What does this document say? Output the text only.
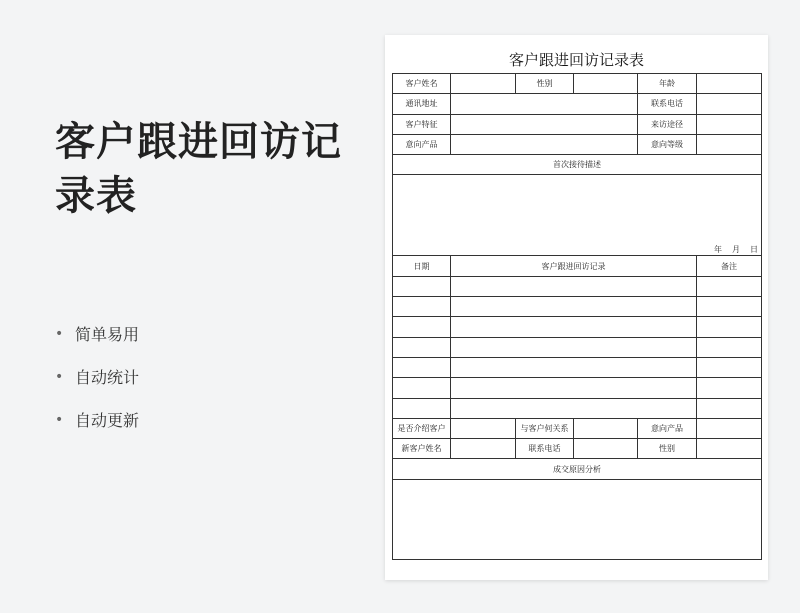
客户跟进回访记录表
• 简单易用
• 自动统计
• 自动更新
客户跟进回访记录表
客户姓名		性别		年龄	
通讯地址				联系电话	
客户特征				来访途径	
意向产品				意向等级	
首次接待描述					

年　月　日					

日期	客户跟进回访记录				备注

是否介绍客户		与客户何关系		意向产品	
新客户姓名		联系电话		性别	
成交原因分析					
